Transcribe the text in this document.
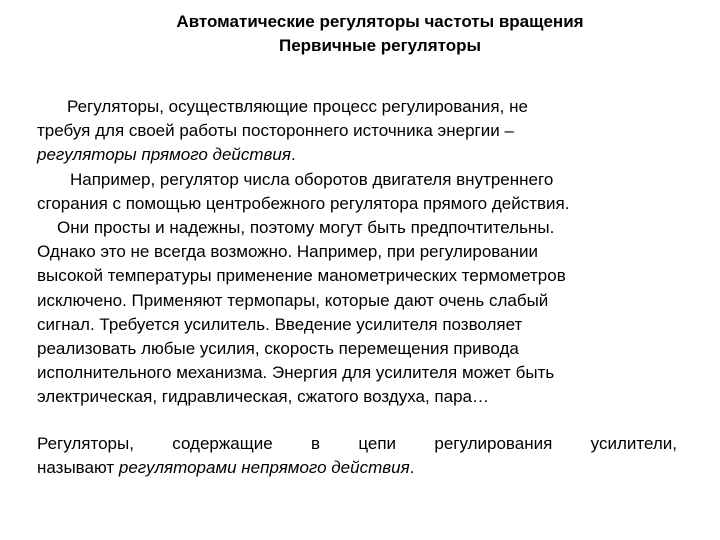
Автоматические регуляторы частоты вращения
Первичные регуляторы
Регуляторы, осуществляющие процесс регулирования, не
требуя для своей работы постороннего источника энергии –
регуляторы прямого действия.
Например, регулятор числа оборотов двигателя внутреннего
сгорания с помощью центробежного регулятора прямого действия.
Они просты и надежны, поэтому могут быть предпочтительны.
Однако это не всегда возможно. Например, при регулировании
высокой температуры применение манометрических термометров
исключено. Применяют термопары, которые дают очень слабый
сигнал. Требуется усилитель. Введение усилителя позволяет
реализовать любые усилия, скорость перемещения привода
исполнительного механизма. Энергия для усилителя может быть
электрическая, гидравлическая, сжатого воздуха, пара…
Регуляторы, содержащие в цепи регулирования усилители,
называют регуляторами непрямого действия.
